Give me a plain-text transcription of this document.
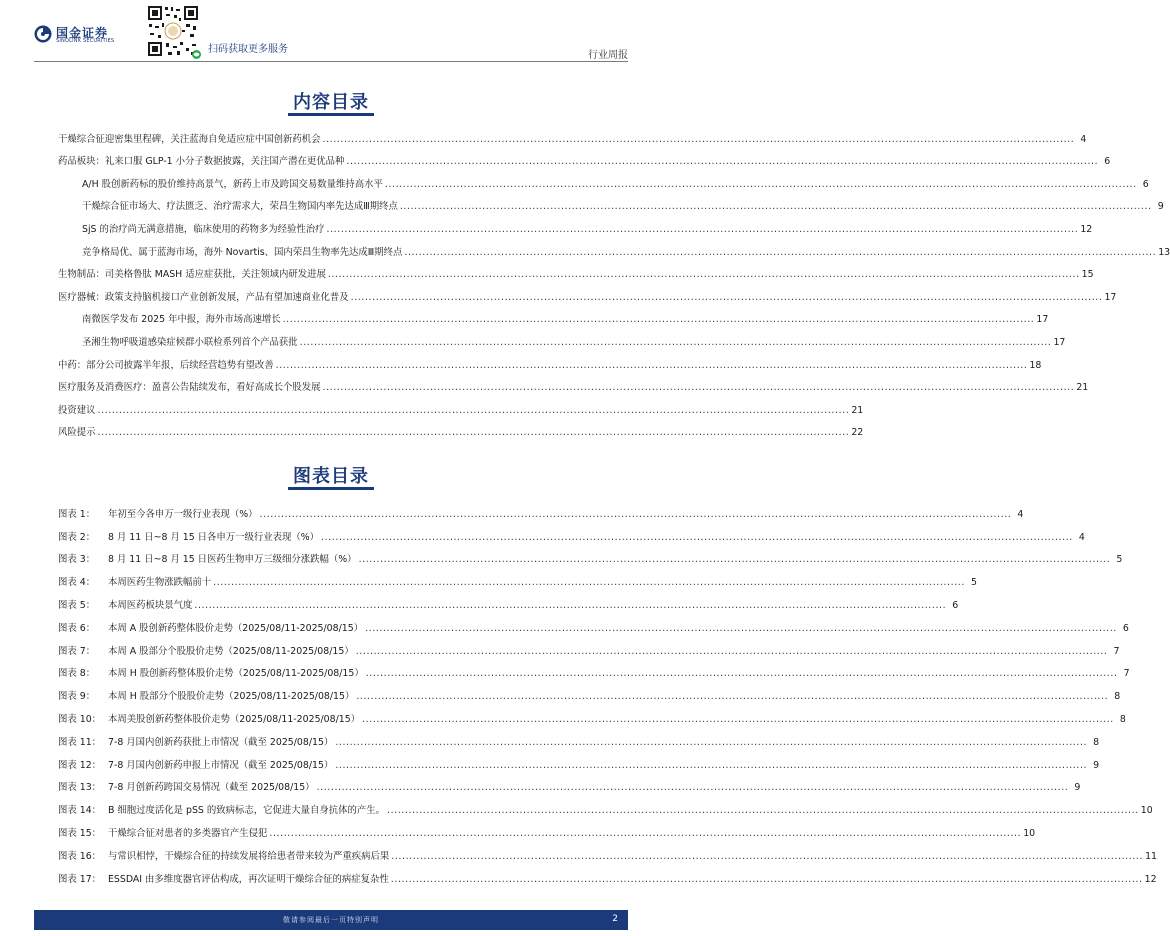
国金证券
SINOLINK SECURITIES
扫码获取更多服务
行业周报
内容目录
干燥综合征迎密集里程碑，关注蓝海自免适应症中国创新药机会 .....	4
药品板块：礼来口服 GLP-1 小分子数据披露，关注国产潜在更优品种 .....	6
A/H 股创新药标的股价维持高景气，新药上市及跨国交易数量维持高水平 .....	6
干燥综合征市场大、疗法匮乏、治疗需求大，荣昌生物国内率先达成Ⅲ期终点 .....	9
SjS 的治疗尚无满意措施，临床使用的药物多为经验性治疗 .....	12
竞争格局优、属于蓝海市场，海外 Novartis、国内荣昌生物率先达成Ⅲ期终点 .....	13
生物制品：司美格鲁肽 MASH 适应症获批，关注领域内研发进展 .....	15
医疗器械：政策支持脑机接口产业创新发展，产品有望加速商业化普及 .....	17
南微医学发布 2025 年中报，海外市场高速增长 .....	17
圣湘生物呼吸道感染症候群小联检系列首个产品获批 .....	17
中药：部分公司披露半年报，后续经营趋势有望改善 .....	18
医疗服务及消费医疗：盈喜公告陆续发布，看好高成长个股发展 .....	21
投资建议 .....	21
风险提示 .....	22
图表目录
图表 1： 年初至今各申万一级行业表现（%） .....	4
图表 2： 8 月 11 日~8 月 15 日各申万一级行业表现（%） .....	4
图表 3： 8 月 11 日~8 月 15 日医药生物申万三级细分涨跌幅（%） .....	5
图表 4： 本周医药生物涨跌幅前十 .....	5
图表 5： 本周医药板块景气度 .....	6
图表 6： 本周 A 股创新药整体股价走势（2025/08/11-2025/08/15） .....	6
图表 7： 本周 A 股部分个股股价走势（2025/08/11-2025/08/15） .....	7
图表 8： 本周 H 股创新药整体股价走势（2025/08/11-2025/08/15） .....	7
图表 9： 本周 H 股部分个股股价走势（2025/08/11-2025/08/15） .....	8
图表 10： 本周美股创新药整体股价走势（2025/08/11-2025/08/15） .....	8
图表 11： 7-8 月国内创新药获批上市情况（截至 2025/08/15） .....	8
图表 12： 7-8 月国内创新药申报上市情况（截至 2025/08/15） .....	9
图表 13： 7-8 月创新药跨国交易情况（截至 2025/08/15） .....	9
图表 14： B 细胞过度活化是 pSS 的致病标志，它促进大量自身抗体的产生。 .....	10
图表 15： 干燥综合征对患者的多类器官产生侵犯 .....	10
图表 16： 与常识相悖，干燥综合征的持续发展将给患者带来较为严重疾病后果 .....	11
图表 17： ESSDAI 由多维度器官评估构成，再次证明干燥综合征的病症复杂性 .....	12
敬请参阅最后一页特别声明	2
